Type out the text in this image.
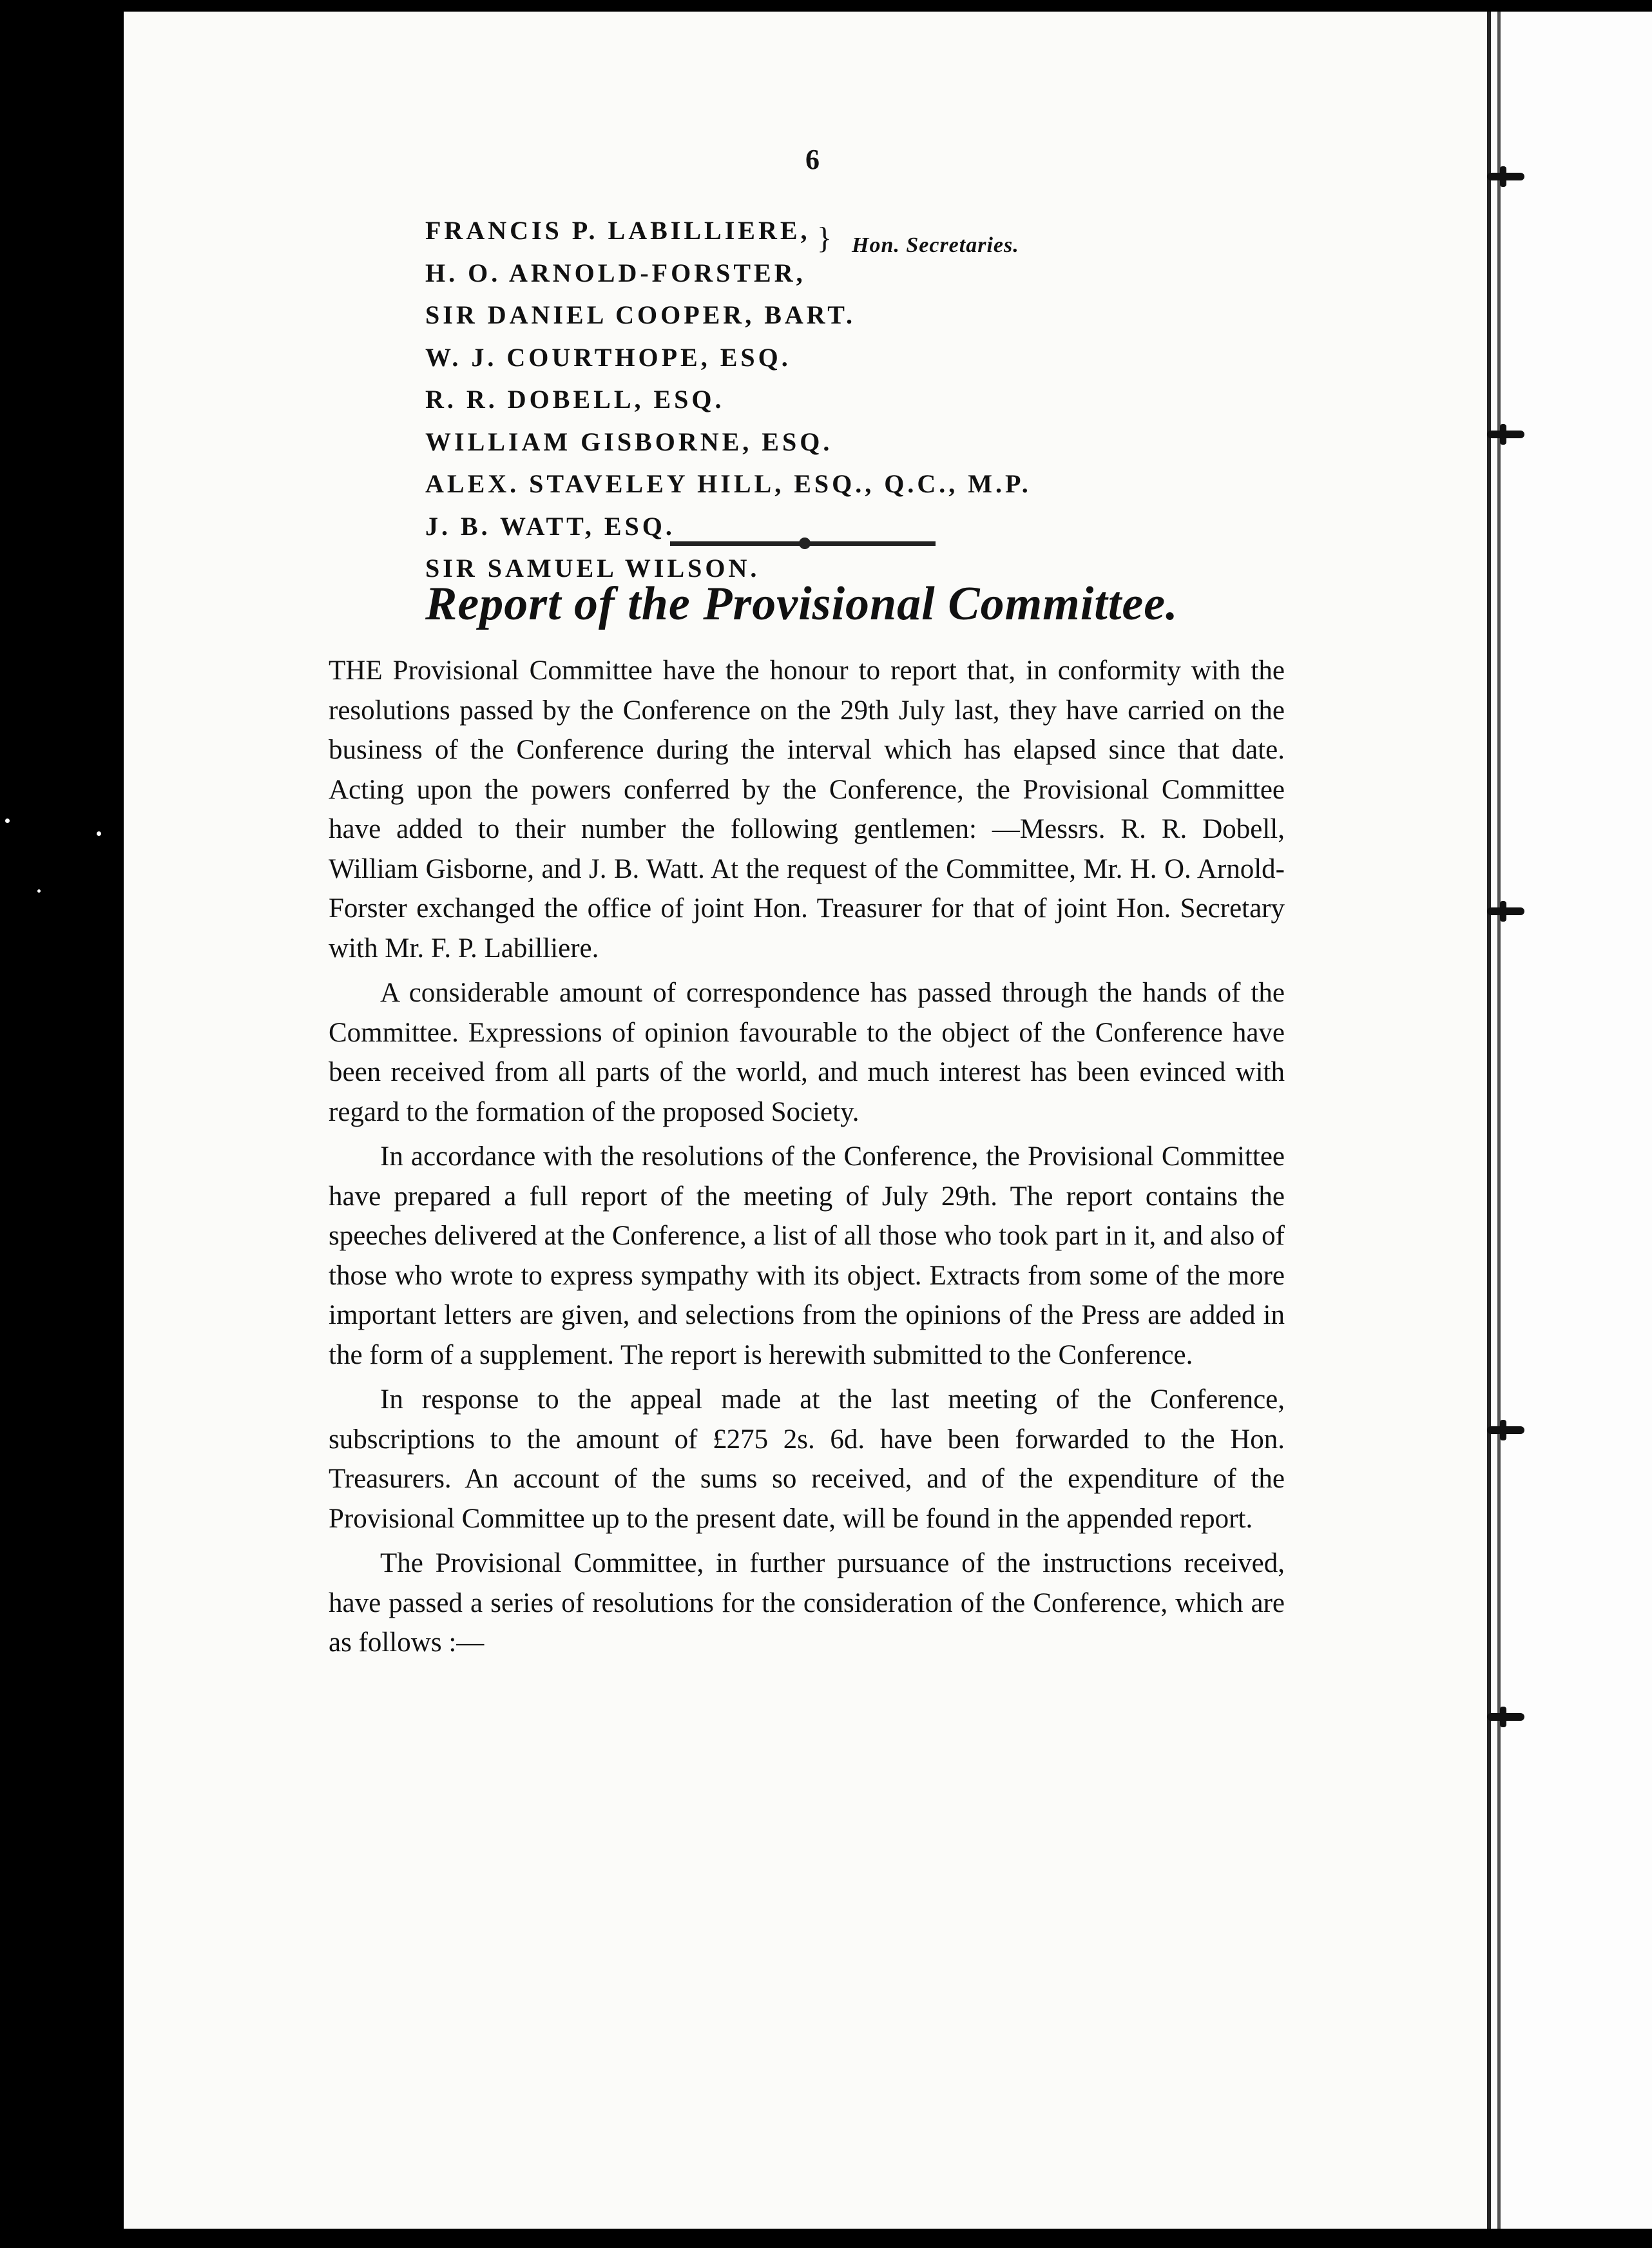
6
FRANCIS P. LABILLIERE,
H. O. ARNOLD-FORSTER,
SIR DANIEL COOPER, BART.
W. J. COURTHOPE, ESQ.
R. R. DOBELL, ESQ.
WILLIAM GISBORNE, ESQ.
ALEX. STAVELEY HILL, ESQ., Q.C., M.P.
J. B. WATT, ESQ.
SIR SAMUEL WILSON.
} Hon. Secretaries.
Report of the Provisional Committee.

THE Provisional Committee have the honour to report that, in conformity with the resolutions passed by the Conference on the 29th July last, they have carried on the business of the Conference during the interval which has elapsed since that date. Acting upon the powers conferred by the Conference, the Provisional Committee have added to their number the following gentlemen: —Messrs. R. R. Dobell, William Gisborne, and J. B. Watt. At the request of the Committee, Mr. H. O. Arnold-Forster exchanged the office of joint Hon. Treasurer for that of joint Hon. Secretary with Mr. F. P. Labilliere.

A considerable amount of correspondence has passed through the hands of the Committee. Expressions of opinion favourable to the object of the Conference have been received from all parts of the world, and much interest has been evinced with regard to the formation of the proposed Society.

In accordance with the resolutions of the Conference, the Provisional Committee have prepared a full report of the meeting of July 29th. The report contains the speeches delivered at the Conference, a list of all those who took part in it, and also of those who wrote to express sympathy with its object. Extracts from some of the more important letters are given, and selections from the opinions of the Press are added in the form of a supplement. The report is herewith submitted to the Conference.

In response to the appeal made at the last meeting of the Conference, subscriptions to the amount of £275 2s. 6d. have been forwarded to the Hon. Treasurers. An account of the sums so received, and of the expenditure of the Provisional Committee up to the present date, will be found in the appended report.

The Provisional Committee, in further pursuance of the instructions received, have passed a series of resolutions for the consideration of the Conference, which are as follows :—
